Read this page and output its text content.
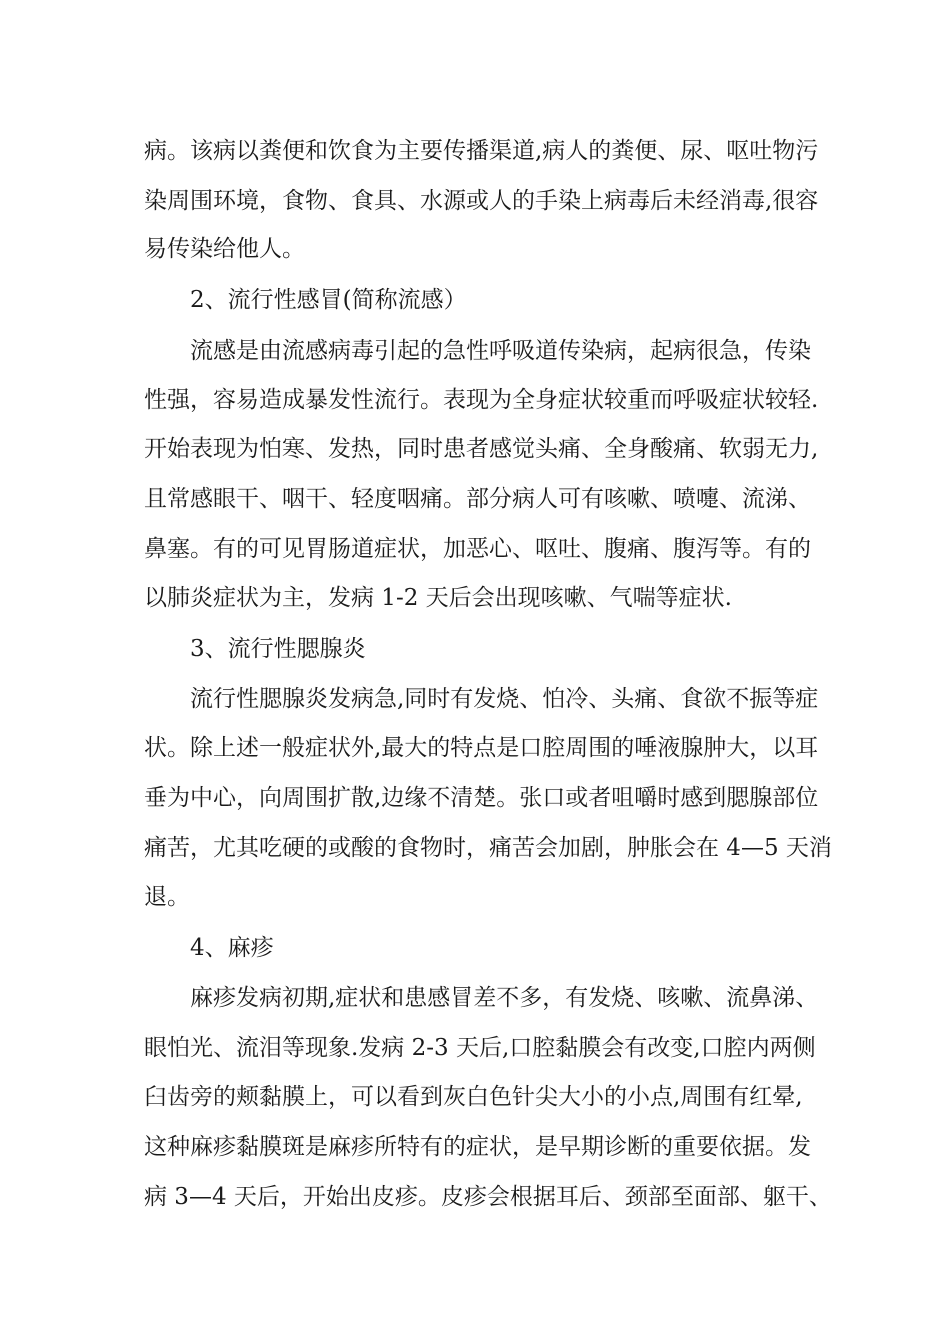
病。该病以粪便和饮食为主要传播渠道,病人的粪便、尿、呕吐物污
染周围环境，食物、食具、水源或人的手染上病毒后未经消毒,很容
易传染给他人。
2、流行性感冒(简称流感）
流感是由流感病毒引起的急性呼吸道传染病，起病很急，传染
性强，容易造成暴发性流行。表现为全身症状较重而呼吸症状较轻.
开始表现为怕寒、发热，同时患者感觉头痛、全身酸痛、软弱无力,
且常感眼干、咽干、轻度咽痛。部分病人可有咳嗽、喷嚏、流涕、
鼻塞。有的可见胃肠道症状，加恶心、呕吐、腹痛、腹泻等。有的
以肺炎症状为主，发病 1-2 天后会出现咳嗽、气喘等症状.
3、流行性腮腺炎
流行性腮腺炎发病急,同时有发烧、怕冷、头痛、食欲不振等症
状。除上述一般症状外,最大的特点是口腔周围的唾液腺肿大，以耳
垂为中心，向周围扩散,边缘不清楚。张口或者咀嚼时感到腮腺部位
痛苦，尤其吃硬的或酸的食物时，痛苦会加剧，肿胀会在 4—5 天消
退。
4、麻疹
麻疹发病初期,症状和患感冒差不多，有发烧、咳嗽、流鼻涕、
眼怕光、流泪等现象.发病 2-3 天后,口腔黏膜会有改变,口腔内两侧
臼齿旁的颊黏膜上，可以看到灰白色针尖大小的小点,周围有红晕,
这种麻疹黏膜斑是麻疹所特有的症状，是早期诊断的重要依据。发
病 3—4 天后，开始出皮疹。皮疹会根据耳后、颈部至面部、躯干、
